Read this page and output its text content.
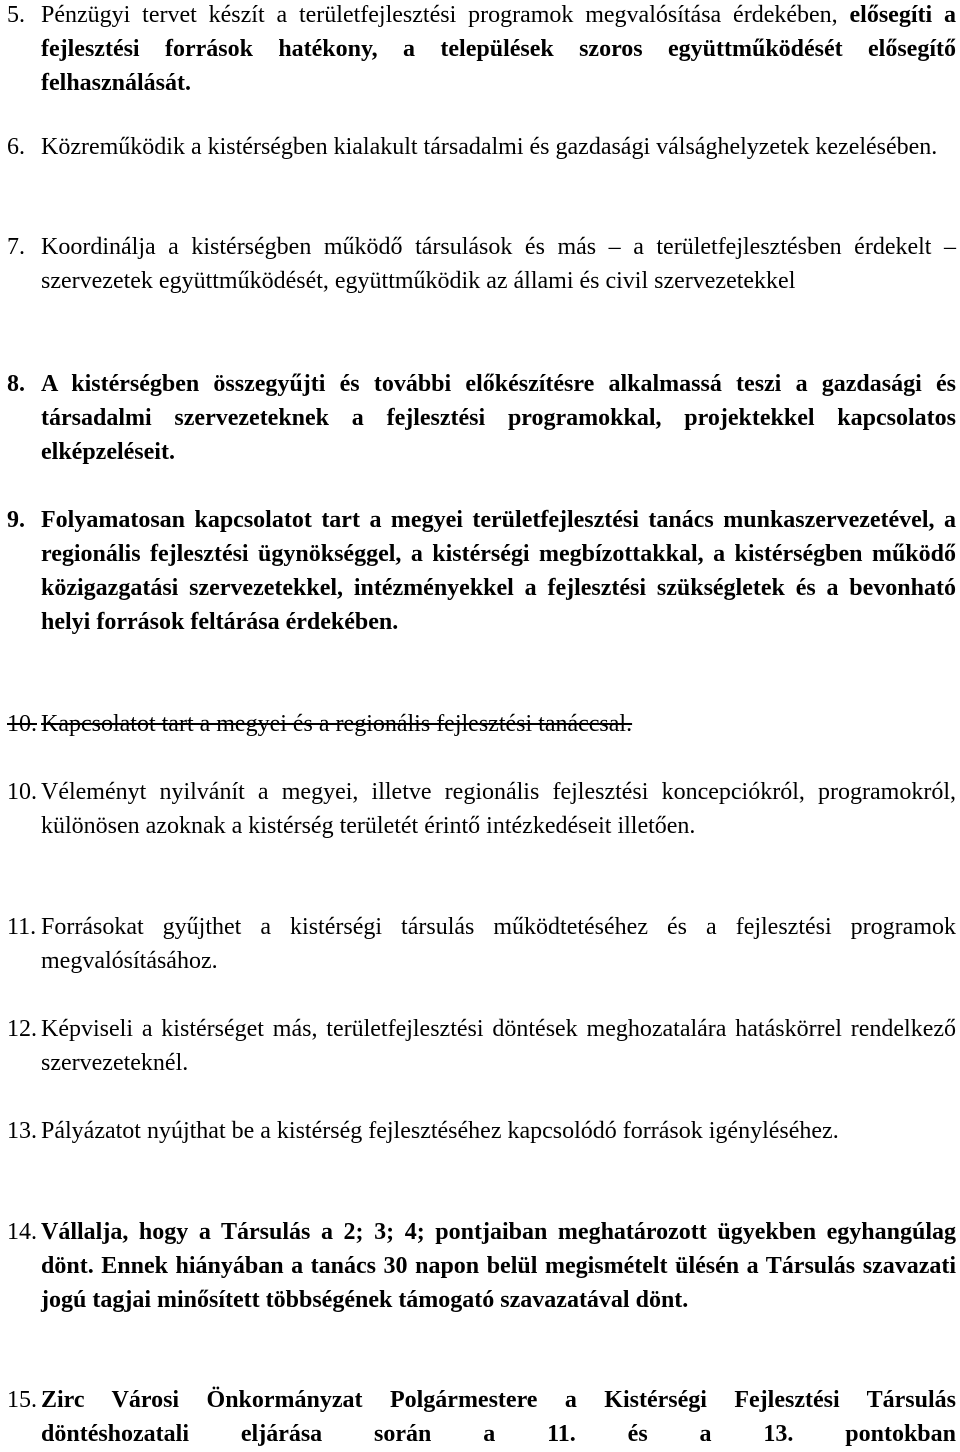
5. Pénzügyi tervet készít a területfejlesztési programok megvalósítása érdekében, elősegíti a fejlesztési források hatékony, a települések szoros együttműködését elősegítő felhasználását.
6. Közreműködik a kistérségben kialakult társadalmi és gazdasági válsághelyzetek kezelésében.
7. Koordinálja a kistérségben működő társulások és más – a területfejlesztésben érdekelt – szervezetek együttműködését, együttműködik az állami és civil szervezetekkel
8. A kistérségben összegyűjti és további előkészítésre alkalmassá teszi a gazdasági és társadalmi szervezeteknek a fejlesztési programokkal, projektekkel kapcsolatos elképzeléseit.
9. Folyamatosan kapcsolatot tart a megyei területfejlesztési tanács munkaszervezetével, a regionális fejlesztési ügynökséggel, a kistérségi megbízottakkal, a kistérségben működő közigazgatási szervezetekkel, intézményekkel a fejlesztési szükségletek és a bevonható helyi források feltárása érdekében.
10. Kapcsolatot tart a megyei és a regionális fejlesztési tanáccsal.
10. Véleményt nyilvánít a megyei, illetve regionális fejlesztési koncepciókról, programokról, különösen azoknak a kistérség területét érintő intézkedéseit illetően.
11. Forrásokat gyűjthet a kistérségi társulás működtetéséhez és a fejlesztési programok megvalósításához.
12. Képviseli a kistérséget más, területfejlesztési döntések meghozatalára hatáskörrel rendelkező szervezeteknél.
13. Pályázatot nyújthat be a kistérség fejlesztéséhez kapcsolódó források igényléséhez.
14. Vállalja, hogy a Társulás a 2; 3; 4; pontjaiban meghatározott ügyekben egyhangúlag dönt. Ennek hiányában a tanács 30 napon belül megismételt ülésén a Társulás szavazati jogú tagjai minősített többségének támogató szavazatával dönt.
15. Zirc Városi Önkormányzat Polgármestere a Kistérségi Fejlesztési Társulás döntéshozatali eljárása során a 11. és a 13. pontokban
